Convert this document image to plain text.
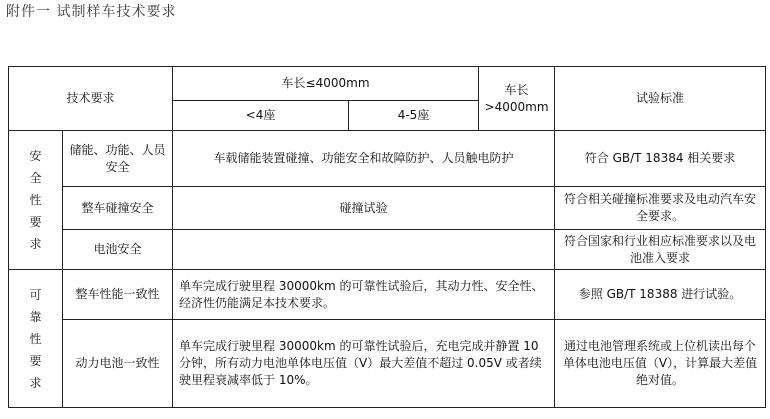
附件一 试制样车技术要求
技术要求		车长≤4000mm		车长>4000mm	试验标准
		<4座	4-5座		
安全性要求	储能、功能、人员安全	车载储能装置碰撞、功能安全和故障防护、人员触电防护			符合 GB/T 18384 相关要求
	整车碰撞安全	碰撞试验			符合相关碰撞标准要求及电动汽车安全要求。
	电池安全				符合国家和行业相应标准要求以及电池准入要求
可靠性要求	整车性能一致性	单车完成行驶里程 30000km 的可靠性试验后，其动力性、安全性、经济性仍能满足本技术要求。			参照 GB/T 18388 进行试验。
	动力电池一致性	单车完成行驶里程 30000km 的可靠性试验后，充电完成并静置 10 分钟，所有动力电池单体电压值（V）最大差值不超过 0.05V 或者续驶里程衰减率低于 10%。			通过电池管理系统或上位机读出每个单体电池电压值（V），计算最大差值绝对值。
